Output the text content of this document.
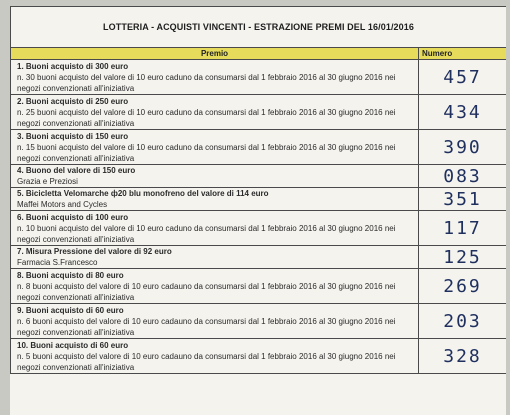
LOTTERIA - ACQUISTI VINCENTI - ESTRAZIONE PREMI DEL 16/01/2016	
Premio	Numero

1. Buoni acquisto di 300 euro
n. 30 buoni acquisto del valore di 10 euro caduno da consumarsi dal 1 febbraio 2016 al 30 giugno 2016 nei negozi convenzionati all'iniziativa	457

2. Buoni acquisto di 250 euro
n. 25 buoni acquisto del valore di 10 euro caduno da consumarsi dal 1 febbraio 2016 al 30 giugno 2016 nei negozi convenzionati all'iniziativa	434

3. Buoni acquisto di 150 euro
n. 15 buoni acquisto del valore di 10 euro caduno da consumarsi dal 1 febbraio 2016 al 30 giugno 2016 nei negozi convenzionati all'iniziativa	390

4. Buono del valore di 150 euro
Grazia e Preziosi	083

5. Bicicletta Velomarche ф20 blu monofreno del valore di 114 euro
Maffei Motors and Cycles	351

6. Buoni acquisto di 100 euro
n. 10 buoni acquisto del valore di 10 euro caduno da consumarsi dal 1 febbraio 2016 al 30 giugno 2016 nei negozi convenzionati all'iniziativa	117

7. Misura Pressione del valore di 92 euro
Farmacia S.Francesco	125

8. Buoni acquisto di 80 euro
n. 8 buoni acquisto del valore di 10 euro cadauno da consumarsi dal 1 febbraio 2016 al 30 giugno 2016 nei negozi convenzionati all'iniziativa	269

9. Buoni acquisto di 60 euro
n. 6 buoni acquisto del valore di 10 euro cadauno da consumarsi dal 1 febbraio 2016 al 30 giugno 2016 nei negozi convenzionati all'iniziativa	203

10. Buoni acquisto di 60 euro
n. 5 buoni acquisto del valore di 10 euro cadauno da consumarsi dal 1 febbraio 2016 al 30 giugno 2016 nei negozi convenzionati all'iniziativa	328
